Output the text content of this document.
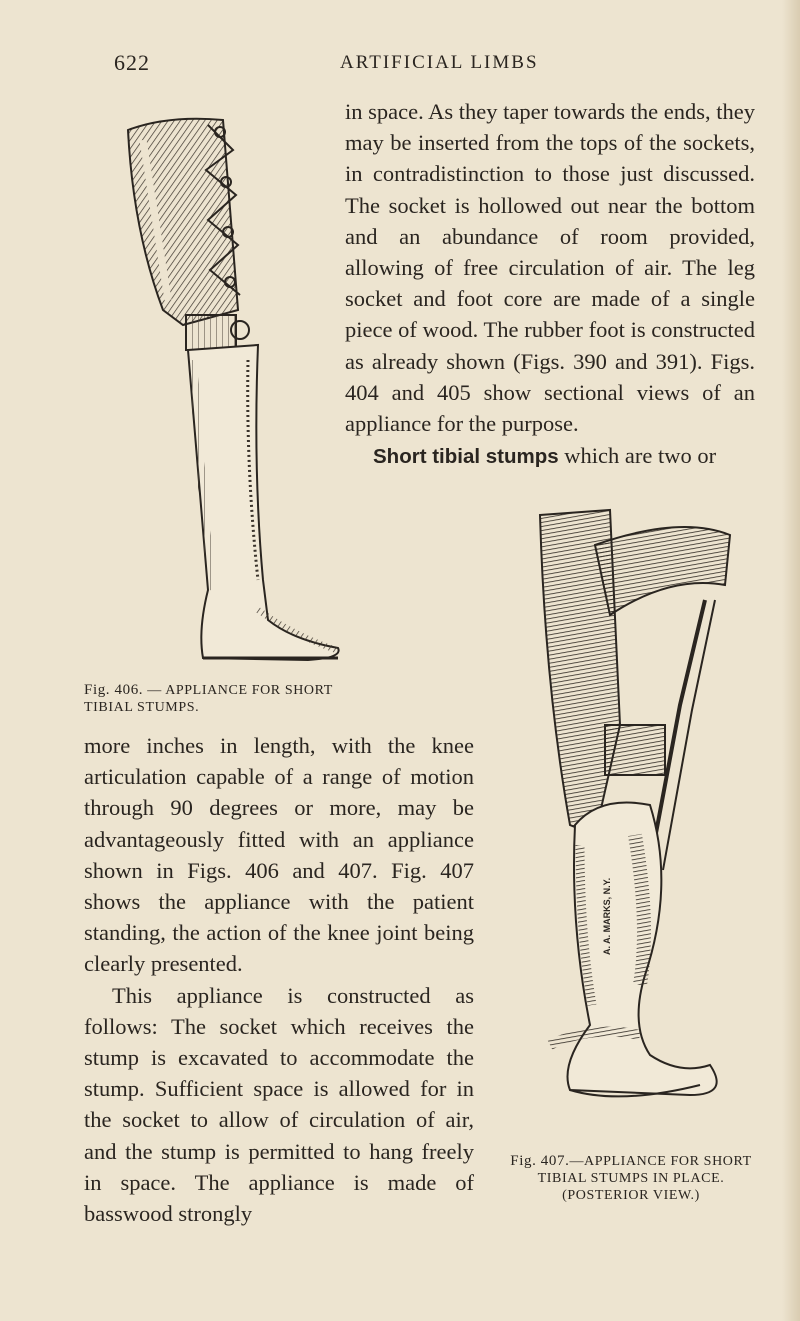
622	ARTIFICIAL LIMBS

in space. As they taper towards the ends, they may be inserted from the tops of the sockets, in contradistinction to those just discussed. The socket is hollowed out near the bottom and an abundance of room provided, allowing of free circulation of air. The leg socket and foot core are made of a single piece of wood. The rubber foot is constructed as already shown (Figs. 390 and 391). Figs. 404 and 405 show sectional views of an appliance for the purpose.

Short tibial stumps which are two or

Fig. 406. — APPLIANCE FOR SHORT TIBIAL STUMPS.

more inches in length, with the knee articulation capable of a range of motion through 90 degrees or more, may be advantageously fitted with an appliance shown in Figs. 406 and 407. Fig. 407 shows the appliance with the patient standing, the action of the knee joint being clearly presented.

This appliance is constructed as follows: The socket which receives the stump is excavated to accommodate the stump. Sufficient space is allowed for in the socket to allow of circulation of air, and the stump is permitted to hang freely in space. The appliance is made of basswood strongly

A. A. MARKS, N.Y.
Fig. 407.—APPLIANCE FOR SHORT TIBIAL STUMPS IN PLACE. (POSTERIOR VIEW.)
